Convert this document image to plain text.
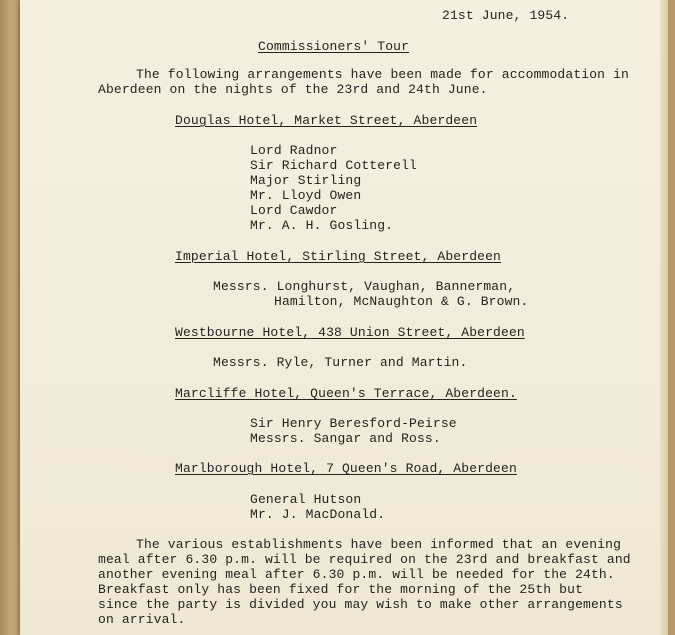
21st June, 1954.
Commissioners' Tour
The following arrangements have been made for accommodation in
Aberdeen on the nights of the 23rd and 24th June.
Douglas Hotel, Market Street, Aberdeen
Lord Radnor
Sir Richard Cotterell
Major Stirling
Mr. Lloyd Owen
Lord Cawdor
Mr. A. H. Gosling.
Imperial Hotel, Stirling Street, Aberdeen
Messrs. Longhurst, Vaughan, Bannerman,
Hamilton, McNaughton & G. Brown.
Westbourne Hotel, 438 Union Street, Aberdeen
Messrs. Ryle, Turner and Martin.
Marcliffe Hotel, Queen's Terrace, Aberdeen.
Sir Henry Beresford-Peirse
Messrs. Sangar and Ross.
Marlborough Hotel, 7 Queen's Road, Aberdeen
General Hutson
Mr. J. MacDonald.
The various establishments have been informed that an evening
meal after 6.30 p.m. will be required on the 23rd and breakfast and
another evening meal after 6.30 p.m. will be needed for the 24th.
Breakfast only has been fixed for the morning of the 25th but
since the party is divided you may wish to make other arrangements
on arrival.
